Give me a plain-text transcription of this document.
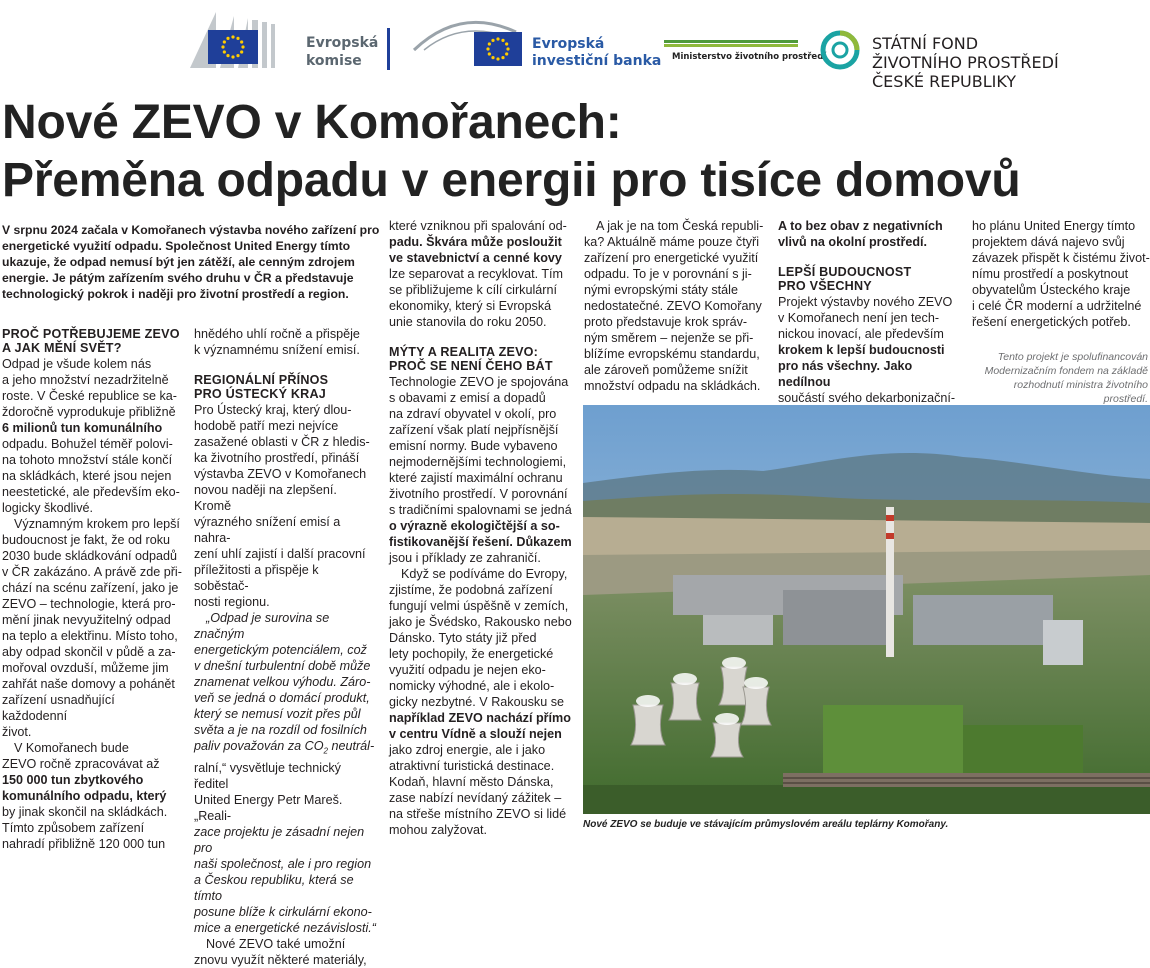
Evropská
komise
Evropská
investiční banka Ministerstvo životního prostředí
STÁTNÍ FOND
ŽIVOTNÍHO PROSTŘEDÍ
ČESKÉ REPUBLIKY
Nové ZEVO v Komořanech:
Přeměna odpadu v energii pro tisíce domovů

V srpnu 2024 začala v Komořanech výstavba nového zařízení pro

energetické využití odpadu. Společnost United Energy tímto

ukazuje, že odpad nemusí být jen zátěží, ale cenným zdrojem

energie. Je pátým zařízením svého druhu v ČR a představuje

technologický pokrok i naději pro životní prostředí a region.

PROČ POTŘEBUJEME ZEVO

A JAK MĚNÍ SVĚT?

Odpad je všude kolem nás

a jeho množství nezadržitelně

roste. V České republice se ka-

ždoročně vyprodukuje přibližně

6 milionů tun komunálního

odpadu. Bohužel téměř polovi-

na tohoto množství stále končí

na skládkách, které jsou nejen

neestetické, ale především eko-

logicky škodlivé.

Významným krokem pro lepší

budoucnost je fakt, že od roku

2030 bude skládkování odpadů

v ČR zakázáno. A právě zde při-

chází na scénu zařízení, jako je

ZEVO – technologie, která pro-

mění jinak nevyužitelný odpad

na teplo a elektřinu. Místo toho,

aby odpad skončil v půdě a za-

mořoval ovzduší, můžeme jim

zahřát naše domovy a pohánět

zařízení usnadňující každodenní

život.

V Komořanech bude

ZEVO ročně zpracovávat až

150 000 tun zbytkového

komunálního odpadu, který

by jinak skončil na skládkách.

Tímto způsobem zařízení

nahradí přibližně 120 000 tun

hnědého uhlí ročně a přispěje

k významnému snížení emisí.

REGIONÁLNÍ PŘÍNOS

PRO ÚSTECKÝ KRAJ

Pro Ústecký kraj, který dlou-

hodobě patří mezi nejvíce

zasažené oblasti v ČR z hledis-

ka životního prostředí, přináší

výstavba ZEVO v Komořanech

novou naději na zlepšení. Kromě

výrazného snížení emisí a nahra-

zení uhlí zajistí i další pracovní

příležitosti a přispěje k soběstač-

nosti regionu.

„Odpad je surovina se značným

energetickým potenciálem, což

v dnešní turbulentní době může

znamenat velkou výhodu. Záro-

veň se jedná o domácí produkt,

který se nemusí vozit přes půl

světa a je na rozdíl od fosilních

paliv považován za $CO_2$ neutrál-

ralní,“ vysvětluje technický ředitel

United Energy Petr Mareš. „Reali-

zace projektu je zásadní nejen pro

naši společnost, ale i pro region

a Českou republiku, která se tímto

posune blíže k cirkulární ekono-

mice a energetické nezávislosti.“

Nové ZEVO také umožní

znovu využít některé materiály,

které vzniknou při spalování od-

padu. Škvára může posloužit

ve stavebnictví a cenné kovy

lze separovat a recyklovat. Tím

se přibližujeme k cílí cirkulární

ekonomiky, který si Evropská

unie stanovila do roku 2050.

MÝTY A REALITA ZEVO:

PROČ SE NENÍ ČEHO BÁT

Technologie ZEVO je spojována

s obavami z emisí a dopadů

na zdraví obyvatel v okolí, pro

zařízení však platí nejpřísnější

emisní normy. Bude vybaveno

nejmodernějšími technologiemi,

které zajistí maximální ochranu

životního prostředí. V porovnání

s tradičními spalovnami se jedná

o výrazně ekologičtější a so-

fistikovanější řešení. Důkazem

jsou i příklady ze zahraničí.

Když se podíváme do Evropy,

zjistíme, že podobná zařízení

fungují velmi úspěšně v zemích,

jako je Švédsko, Rakousko nebo

Dánsko. Tyto státy již před

lety pochopily, že energetické

využití odpadu je nejen eko-

nomicky výhodné, ale i ekolo-

gicky nezbytné. V Rakousku se

například ZEVO nachází přímo

v centru Vídně a slouží nejen

jako zdroj energie, ale i jako

atraktivní turistická destinace.

Kodaň, hlavní město Dánska,

zase nabízí nevídaný zážitek –

na střeše místního ZEVO si lidé

mohou zalyžovat.

A jak je na tom Česká republi-

ka? Aktuálně máme pouze čtyři

zařízení pro energetické využití

odpadu. To je v porovnání s ji-

nými evropskými státy stále

nedostatečné. ZEVO Komořany

proto představuje krok správ-

ným směrem – nejenže se při-

blížíme evropskému standardu,

ale zároveň pomůžeme snížit

množství odpadu na skládkách.

A to bez obav z negativních

vlivů na okolní prostředí.

LEPŠÍ BUDOUCNOST

PRO VŠECHNY

Projekt výstavby nového ZEVO

v Komořanech není jen tech-

nickou inovací, ale především

krokem k lepší budoucnosti

pro nás všechny. Jako nedílnou

součástí svého dekarbonizační-

ho plánu United Energy tímto

projektem dává najevo svůj

závazek přispět k čistému život-

nímu prostředí a poskytnout

obyvatelům Ústeckého kraje

i celé ČR moderní a udržitelné

řešení energetických potřeb.

Tento projekt je spolufinancován
Modernizačním fondem na základě
rozhodnutí ministra životního prostředí.
Nové ZEVO se buduje ve stávajícím průmyslovém areálu teplárny Komořany.
